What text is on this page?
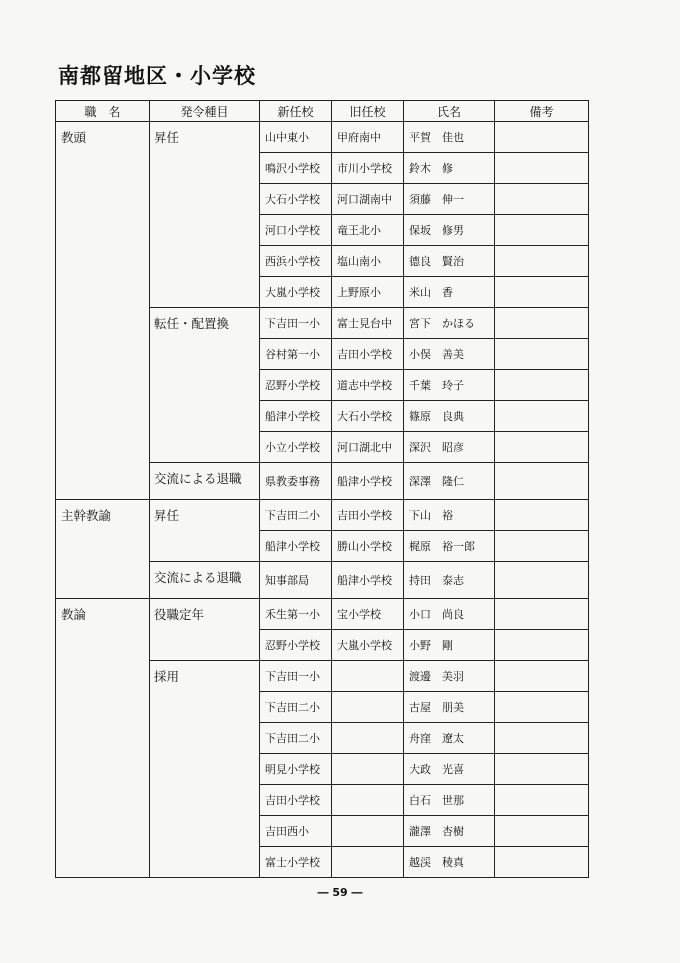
南都留地区・小学校
職　名	発令種目	新任校	旧任校	氏名	備考
教頭	昇任	山中東小	甲府南中	平賀　佳也	
		鳴沢小学校	市川小学校	鈴木　修	
		大石小学校	河口湖南中	須藤　伸一	
		河口小学校	竜王北小	保坂　修男	
		西浜小学校	塩山南小	德良　賢治	
		大嵐小学校	上野原小	米山　香	
	転任・配置換	下吉田一小	富士見台中	宮下　かほる	
		谷村第一小	吉田小学校	小俣　善美	
		忍野小学校	道志中学校	千葉　玲子	
		船津小学校	大石小学校	篠原　良典	
		小立小学校	河口湖北中	深沢　昭彦	
	交流による退職	県教委事務	船津小学校	深澤　隆仁	
主幹教諭	昇任	下吉田二小	吉田小学校	下山　裕	
		船津小学校	勝山小学校	梶原　裕一郎	
	交流による退職	知事部局	船津小学校	持田　泰志	
教論	役職定年	禾生第一小	宝小学校	小口　尚良	
		忍野小学校	大嵐小学校	小野　剛	
	採用	下吉田一小		渡邊　美羽	
		下吉田二小		古屋　朋美	
		下吉田二小		舟窪　遼太	
		明見小学校		大政　光喜	
		吉田小学校		白石　世那	
		吉田西小		瀧澤　杏樹	
		富士小学校		越渓　稜真	
― 59 ―
